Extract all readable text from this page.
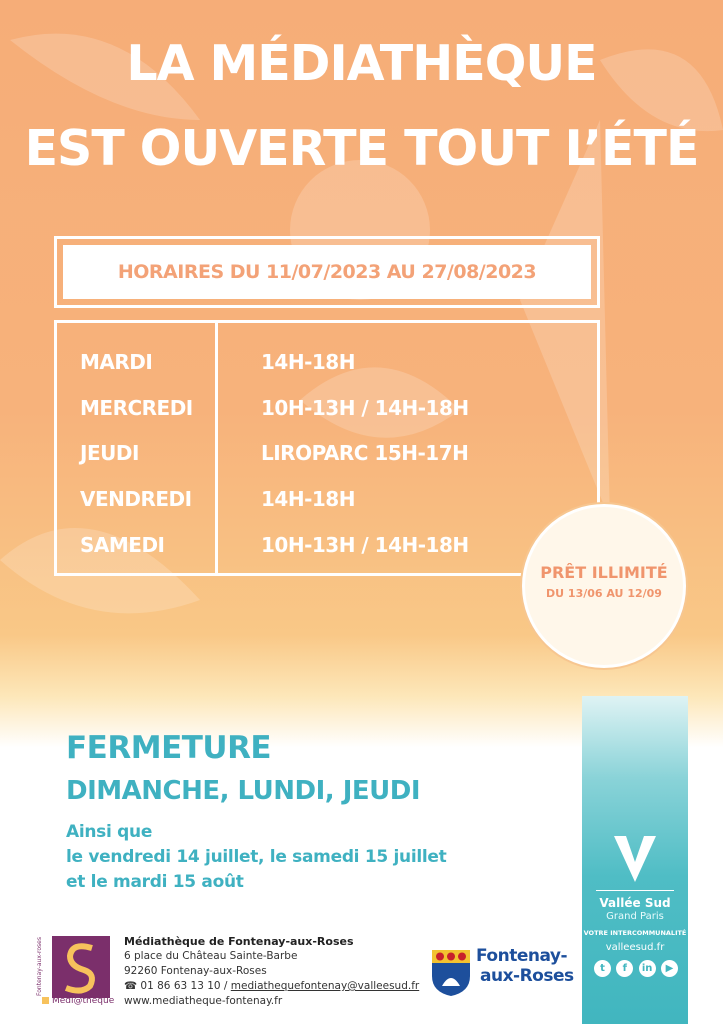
LA MÉDIATHÈQUE
EST OUVERTE TOUT L’ÉTÉ
HORAIRES DU 11/07/2023 AU 27/08/2023
MARDI	14H-18H
MERCREDI	10H-13H / 14H-18H
JEUDI	LIROPARC 15H-17H
VENDREDI	14H-18H
SAMEDI	10H-13H / 14H-18H
PRÊT ILLIMITÉ
DU 13/06 AU 12/09
FERMETURE
DIMANCHE, LUNDI, JEUDI
Ainsi que
le vendredi 14 juillet, le samedi 15 juillet
et le mardi 15 août
Vallée Sud
Grand Paris
VOTRE INTERCOMMUNALITÉ
valleesud.fr
t	f	in	▶
Fontenay-aux-roses
Médi@thèque
Médiathèque de Fontenay-aux-Roses
6 place du Château Sainte-Barbe
92260 Fontenay-aux-Roses
☎ 01 86 63 13 10 / mediathequefontenay@valleesud.fr
www.mediatheque-fontenay.fr
Fontenay-
aux-Roses
